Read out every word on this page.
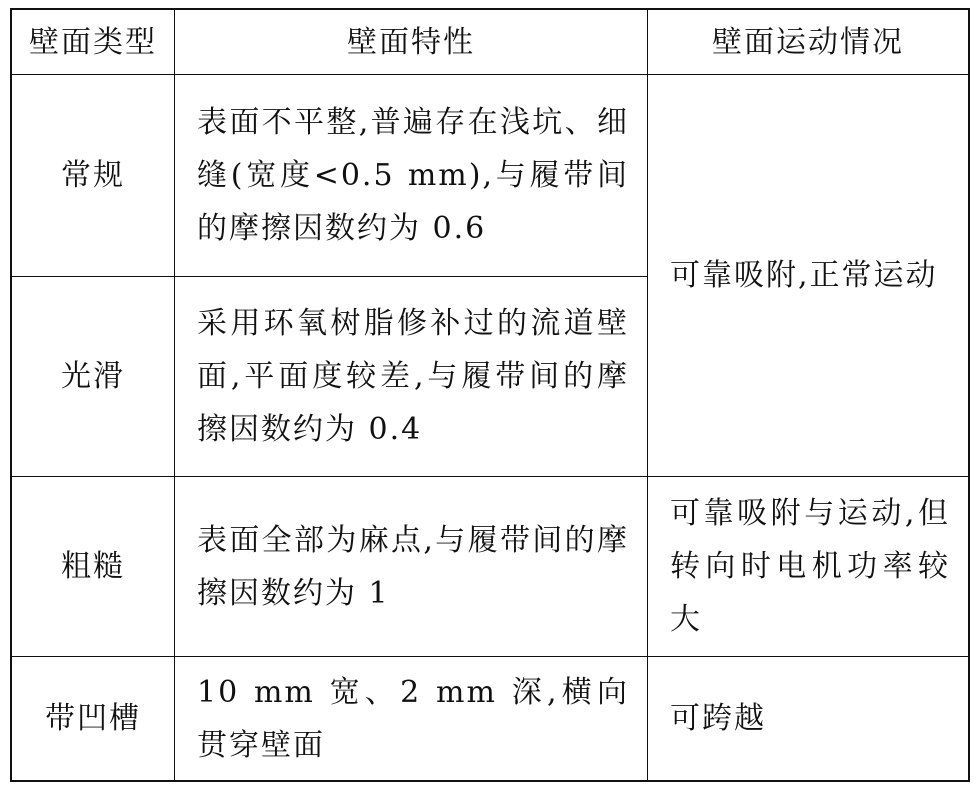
壁面类型	壁面特性	壁面运动情况
常规
表面不平整,普遍存在浅坑、细缝(宽度<0.5 mm),与履带间的摩擦因数约为 0.6
可靠吸附,正常运动
光滑
采用环氧树脂修补过的流道壁面,平面度较差,与履带间的摩擦因数约为 0.4
粗糙
表面全部为麻点,与履带间的摩擦因数约为 1
可靠吸附与运动,但转向时电机功率较大
带凹槽
10 mm 宽、2 mm 深,横向贯穿壁面
可跨越
